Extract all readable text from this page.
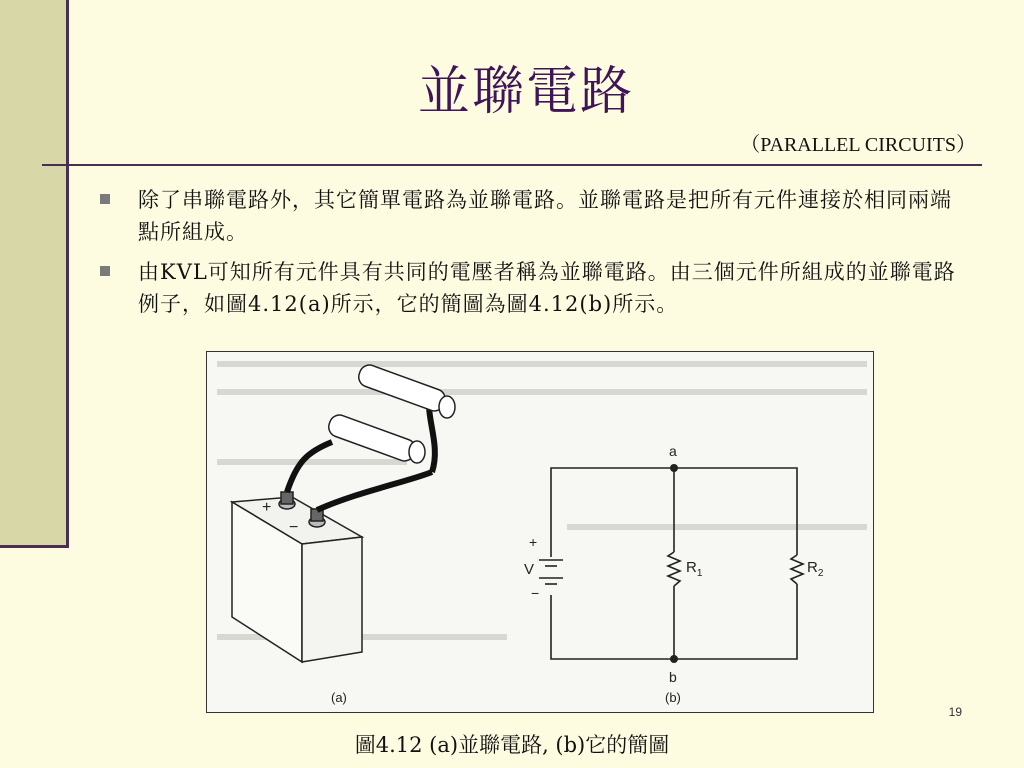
並聯電路
（PARALLEL CIRCUITS）
除了串聯電路外，其它簡單電路為並聯電路。並聯電路是把所有元件連接於相同兩端點所組成。
由KVL可知所有元件具有共同的電壓者稱為並聯電路。由三個元件所組成的並聯電路例子，如圖4.12(a)所示，它的簡圖為圖4.12(b)所示。
+
−
(a)
a
b
+
V
−
$R_1$	$R_2$
(b)
19
圖4.12 (a)並聯電路, (b)它的簡圖
